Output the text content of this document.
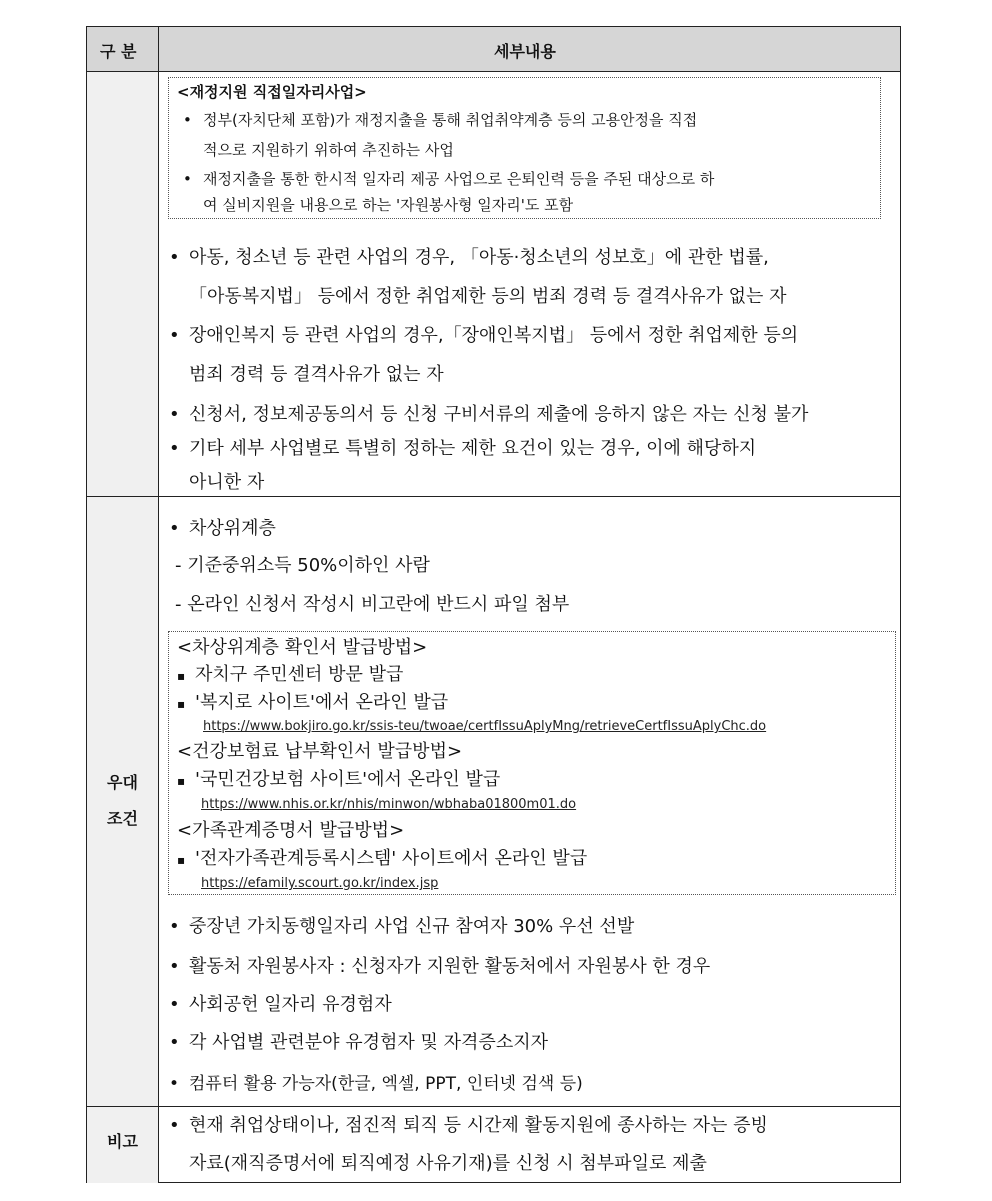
구 분	세부내용
우대
조건
비고
<재정지원 직접일자리사업>
• 정부(자치단체 포함)가 재정지출을 통해 취업취약계층 등의 고용안정을 직접
적으로 지원하기 위하여 추진하는 사업
• 재정지출을 통한 한시적 일자리 제공 사업으로 은퇴인력 등을 주된 대상으로 하
여 실비지원을 내용으로 하는 '자원봉사형 일자리'도 포함
• 아동, 청소년 등 관련 사업의 경우, 「아동·청소년의 성보호」에 관한 법률,
「아동복지법」 등에서 정한 취업제한 등의 범죄 경력 등 결격사유가 없는 자
• 장애인복지 등 관련 사업의 경우,「장애인복지법」 등에서 정한 취업제한 등의
범죄 경력 등 결격사유가 없는 자
• 신청서, 정보제공동의서 등 신청 구비서류의 제출에 응하지 않은 자는 신청 불가
• 기타 세부 사업별로 특별히 정하는 제한 요건이 있는 경우, 이에 해당하지
아니한 자
• 차상위계층
- 기준중위소득 50%이하인 사람
- 온라인 신청서 작성시 비고란에 반드시 파일 첨부
<차상위계층 확인서 발급방법>
▪ 자치구 주민센터 방문 발급
▪ '복지로 사이트'에서 온라인 발급
https://www.bokjiro.go.kr/ssis-teu/twoae/certfIssuAplyMng/retrieveCertfIssuAplyChc.do
<건강보험료 납부확인서 발급방법>
▪ '국민건강보험 사이트'에서 온라인 발급
https://www.nhis.or.kr/nhis/minwon/wbhaba01800m01.do
<가족관계증명서 발급방법>
▪ '전자가족관계등록시스템' 사이트에서 온라인 발급
https://efamily.scourt.go.kr/index.jsp
• 중장년 가치동행일자리 사업 신규 참여자 30% 우선 선발
• 활동처 자원봉사자 : 신청자가 지원한 활동처에서 자원봉사 한 경우
• 사회공헌 일자리 유경험자
• 각 사업별 관련분야 유경험자 및 자격증소지자
• 컴퓨터 활용 가능자(한글, 엑셀, PPT, 인터넷 검색 등)
• 현재 취업상태이나, 점진적 퇴직 등 시간제 활동지원에 종사하는 자는 증빙
자료(재직증명서에 퇴직예정 사유기재)를 신청 시 첨부파일로 제출
